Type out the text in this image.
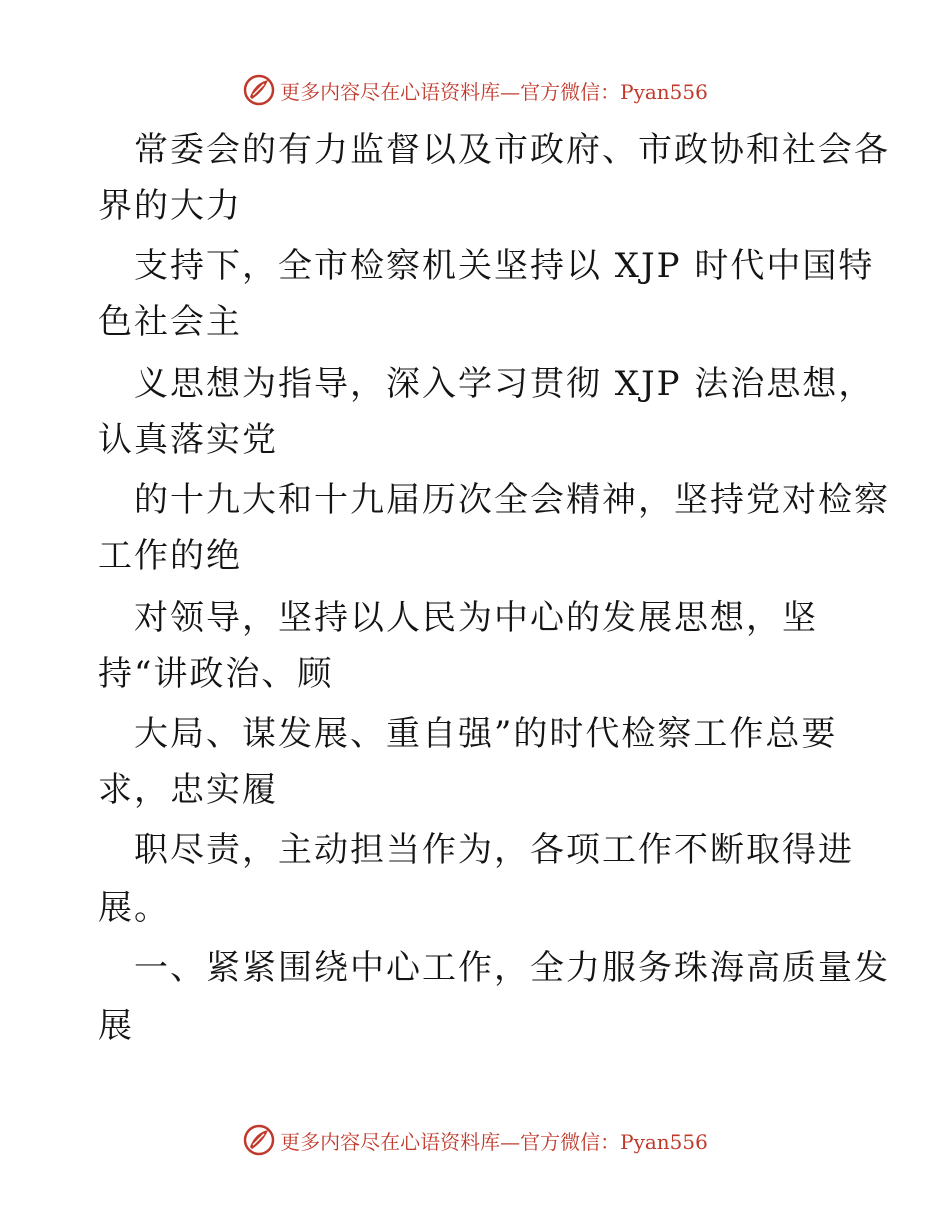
更多内容尽在心语资料库—官方微信：Pyan556
常委会的有力监督以及市政府、市政协和社会各
界的大力
支持下，全市检察机关坚持以 XJP 时代中国特
色社会主
义思想为指导，深入学习贯彻 XJP 法治思想，
认真落实党
的十九大和十九届历次全会精神，坚持党对检察
工作的绝
对领导，坚持以人民为中心的发展思想，坚
持“讲政治、顾
大局、谋发展、重自强”的时代检察工作总要
求，忠实履
职尽责，主动担当作为，各项工作不断取得进
展。
一、紧紧围绕中心工作，全力服务珠海高质量发
展
更多内容尽在心语资料库—官方微信：Pyan556
